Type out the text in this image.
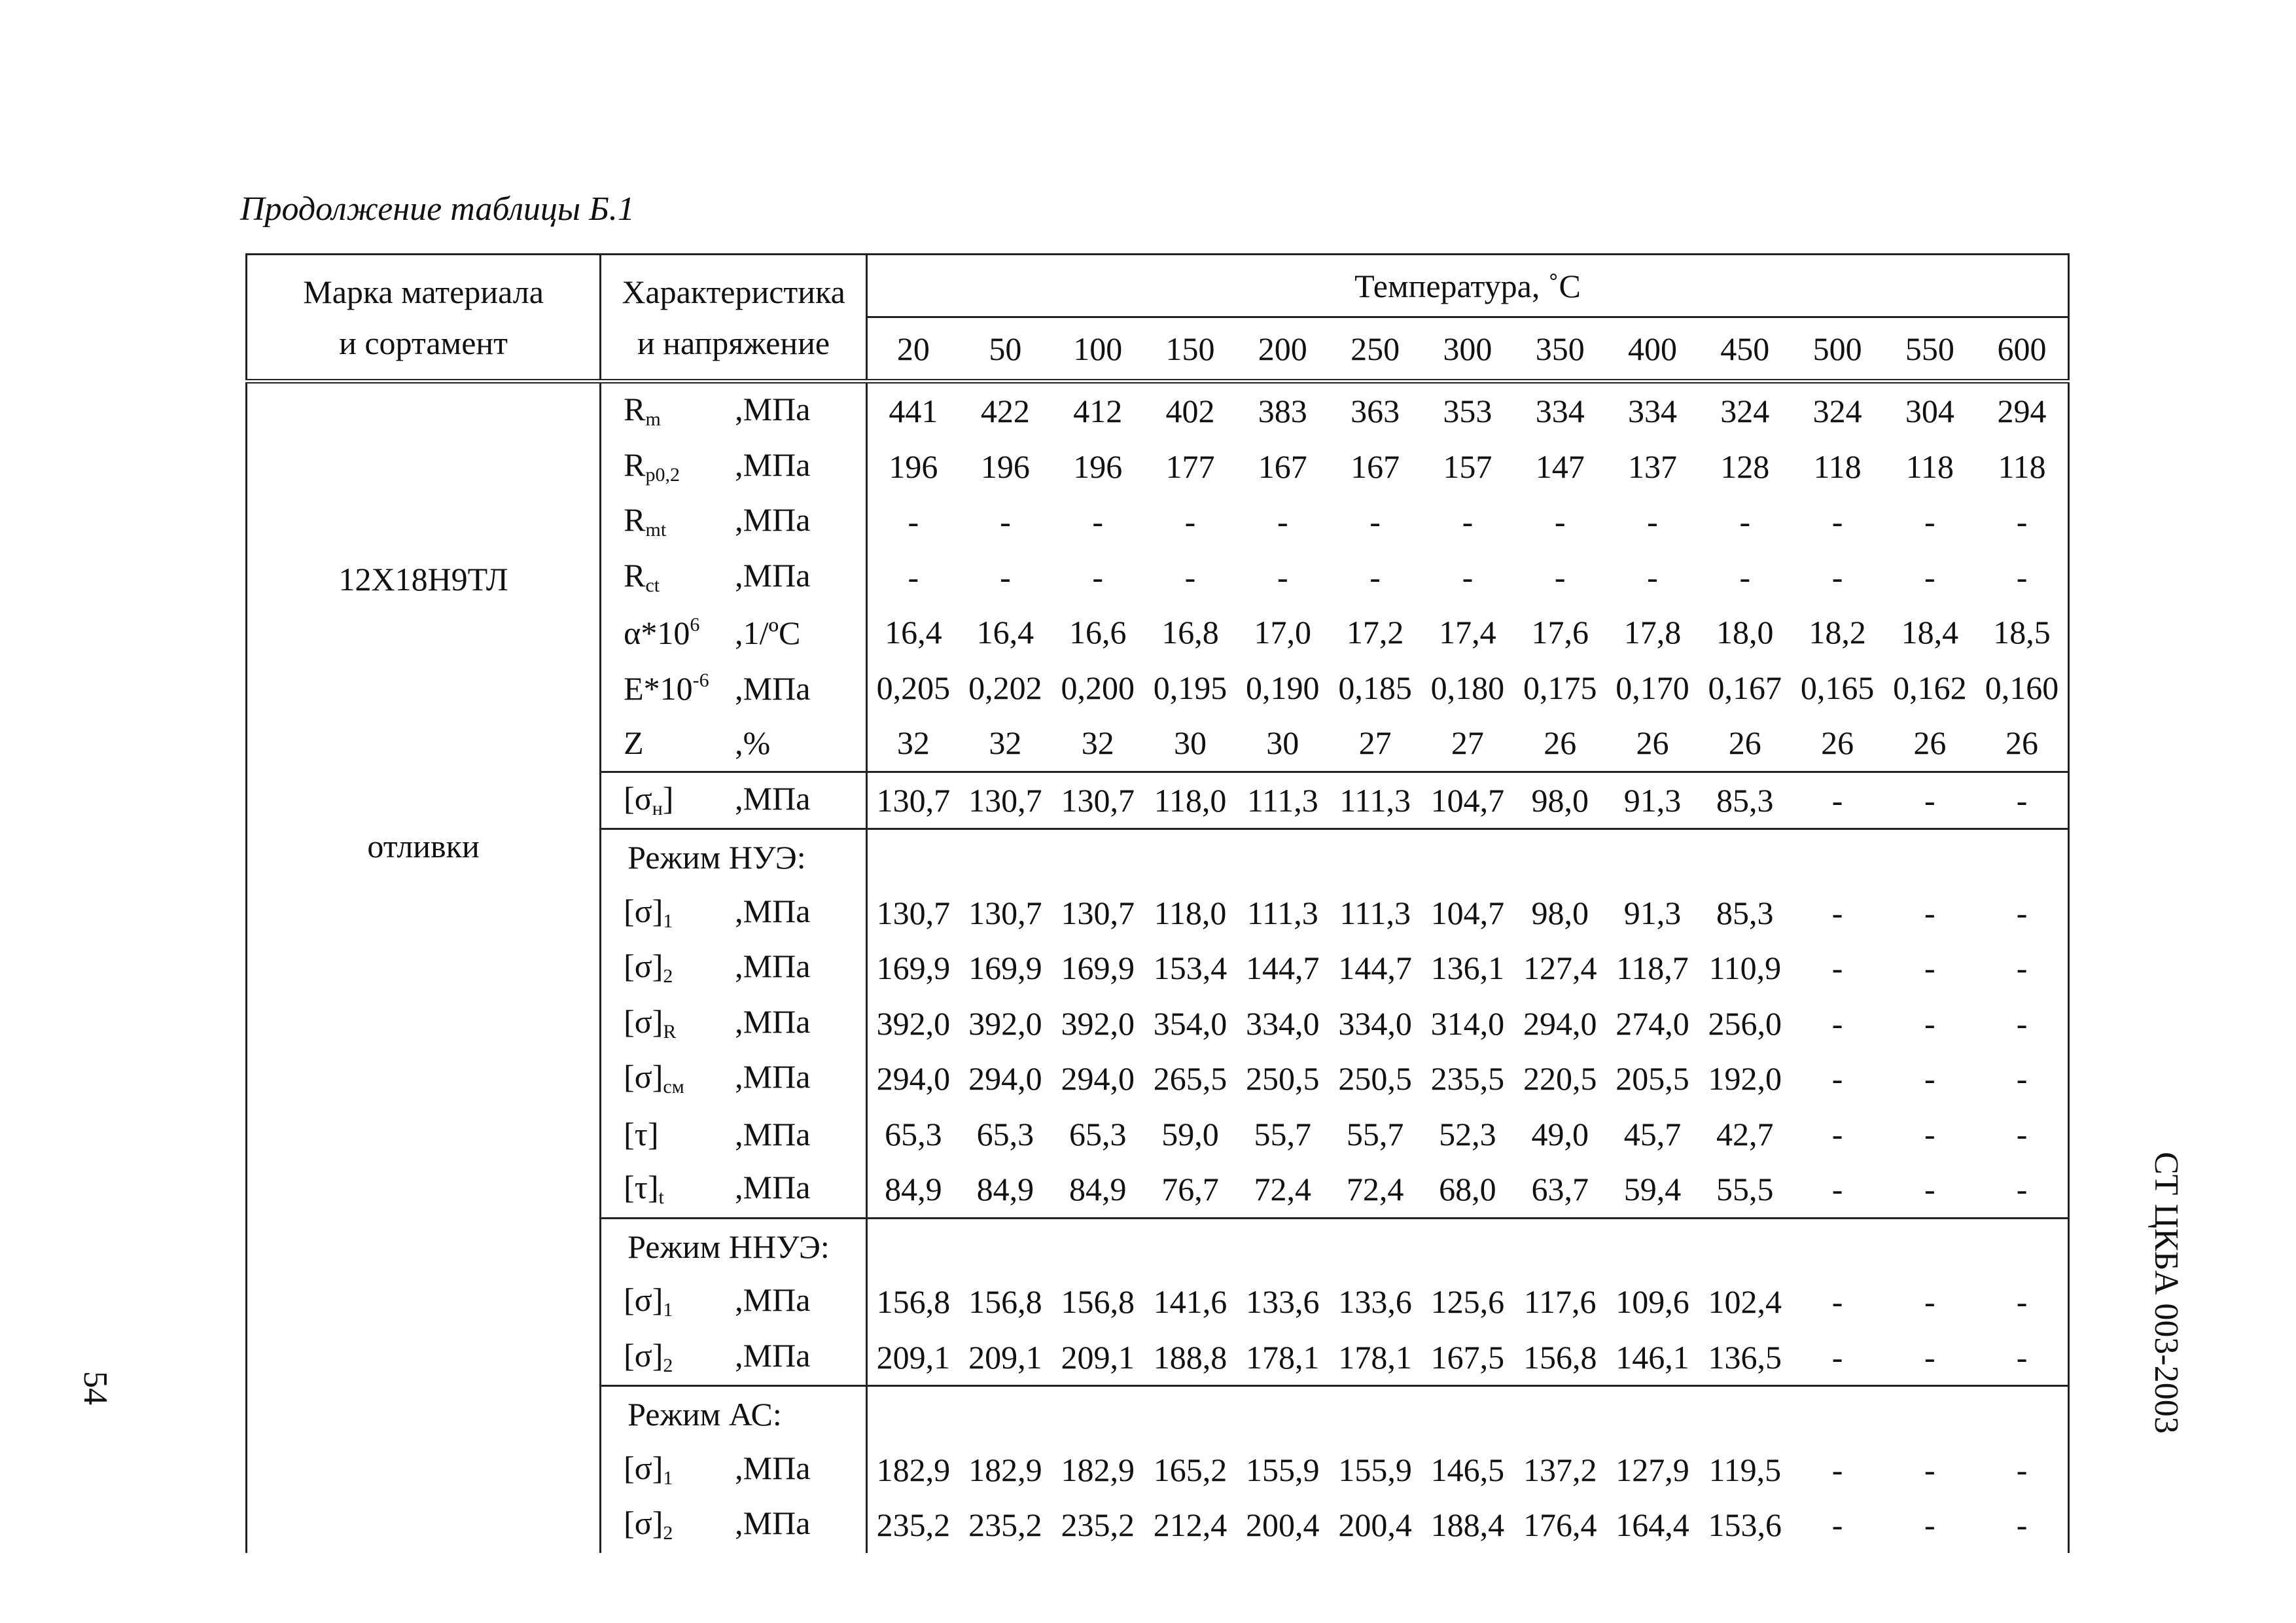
Продолжение таблицы Б.1
Марка материала	Характеристика	Температура, ˚С												
и сортамент	и напряжение	20	50	100	150	200	250	300	350	400	450	500	550	600

12Х18Н9ТЛ
отливки	$R_m$ ,МПа	441	422	412	402	383	363	353	334	334	324	324	304	294
	$R_{p0,2}$ ,МПа	196	196	196	177	167	167	157	147	137	128	118	118	118
	$R_{mt}$ ,МПа	-	-	-	-	-	-	-	-	-	-	-	-	-
	$R_{ct}$ ,МПа	-	-	-	-	-	-	-	-	-	-	-	-	-
	$\alpha*10^6$ ,1/ºС	16,4	16,4	16,6	16,8	17,0	17,2	17,4	17,6	17,8	18,0	18,2	18,4	18,5
	$E*10^{-6}$ ,МПа	0,205	0,202	0,200	0,195	0,190	0,185	0,180	0,175	0,170	0,167	0,165	0,162	0,160
	Z ,%	32	32	32	30	30	27	27	26	26	26	26	26	26
	$[\sigma_н]$ ,МПа	130,7	130,7	130,7	118,0	111,3	111,3	104,7	98,0	91,3	85,3	-	-	-
	Режим НУЭ:													
	$[\sigma]_1$ ,МПа	130,7	130,7	130,7	118,0	111,3	111,3	104,7	98,0	91,3	85,3	-	-	-
	$[\sigma]_2$ ,МПа	169,9	169,9	169,9	153,4	144,7	144,7	136,1	127,4	118,7	110,9	-	-	-
	$[\sigma]_R$ ,МПа	392,0	392,0	392,0	354,0	334,0	334,0	314,0	294,0	274,0	256,0	-	-	-
	$[\sigma]_{см}$ ,МПа	294,0	294,0	294,0	265,5	250,5	250,5	235,5	220,5	205,5	192,0	-	-	-
	[τ] ,МПа	65,3	65,3	65,3	59,0	55,7	55,7	52,3	49,0	45,7	42,7	-	-	-
	$[\tau]_t$ ,МПа	84,9	84,9	84,9	76,7	72,4	72,4	68,0	63,7	59,4	55,5	-	-	-
	Режим ННУЭ:													
	$[\sigma]_1$ ,МПа	156,8	156,8	156,8	141,6	133,6	133,6	125,6	117,6	109,6	102,4	-	-	-
	$[\sigma]_2$ ,МПа	209,1	209,1	209,1	188,8	178,1	178,1	167,5	156,8	146,1	136,5	-	-	-
	Режим АС:													
	$[\sigma]_1$ ,МПа	182,9	182,9	182,9	165,2	155,9	155,9	146,5	137,2	127,9	119,5	-	-	-
	$[\sigma]_2$ ,МПа	235,2	235,2	235,2	212,4	200,4	200,4	188,4	176,4	164,4	153,6	-	-	-
СТ ЦКБА 003-2003
54
